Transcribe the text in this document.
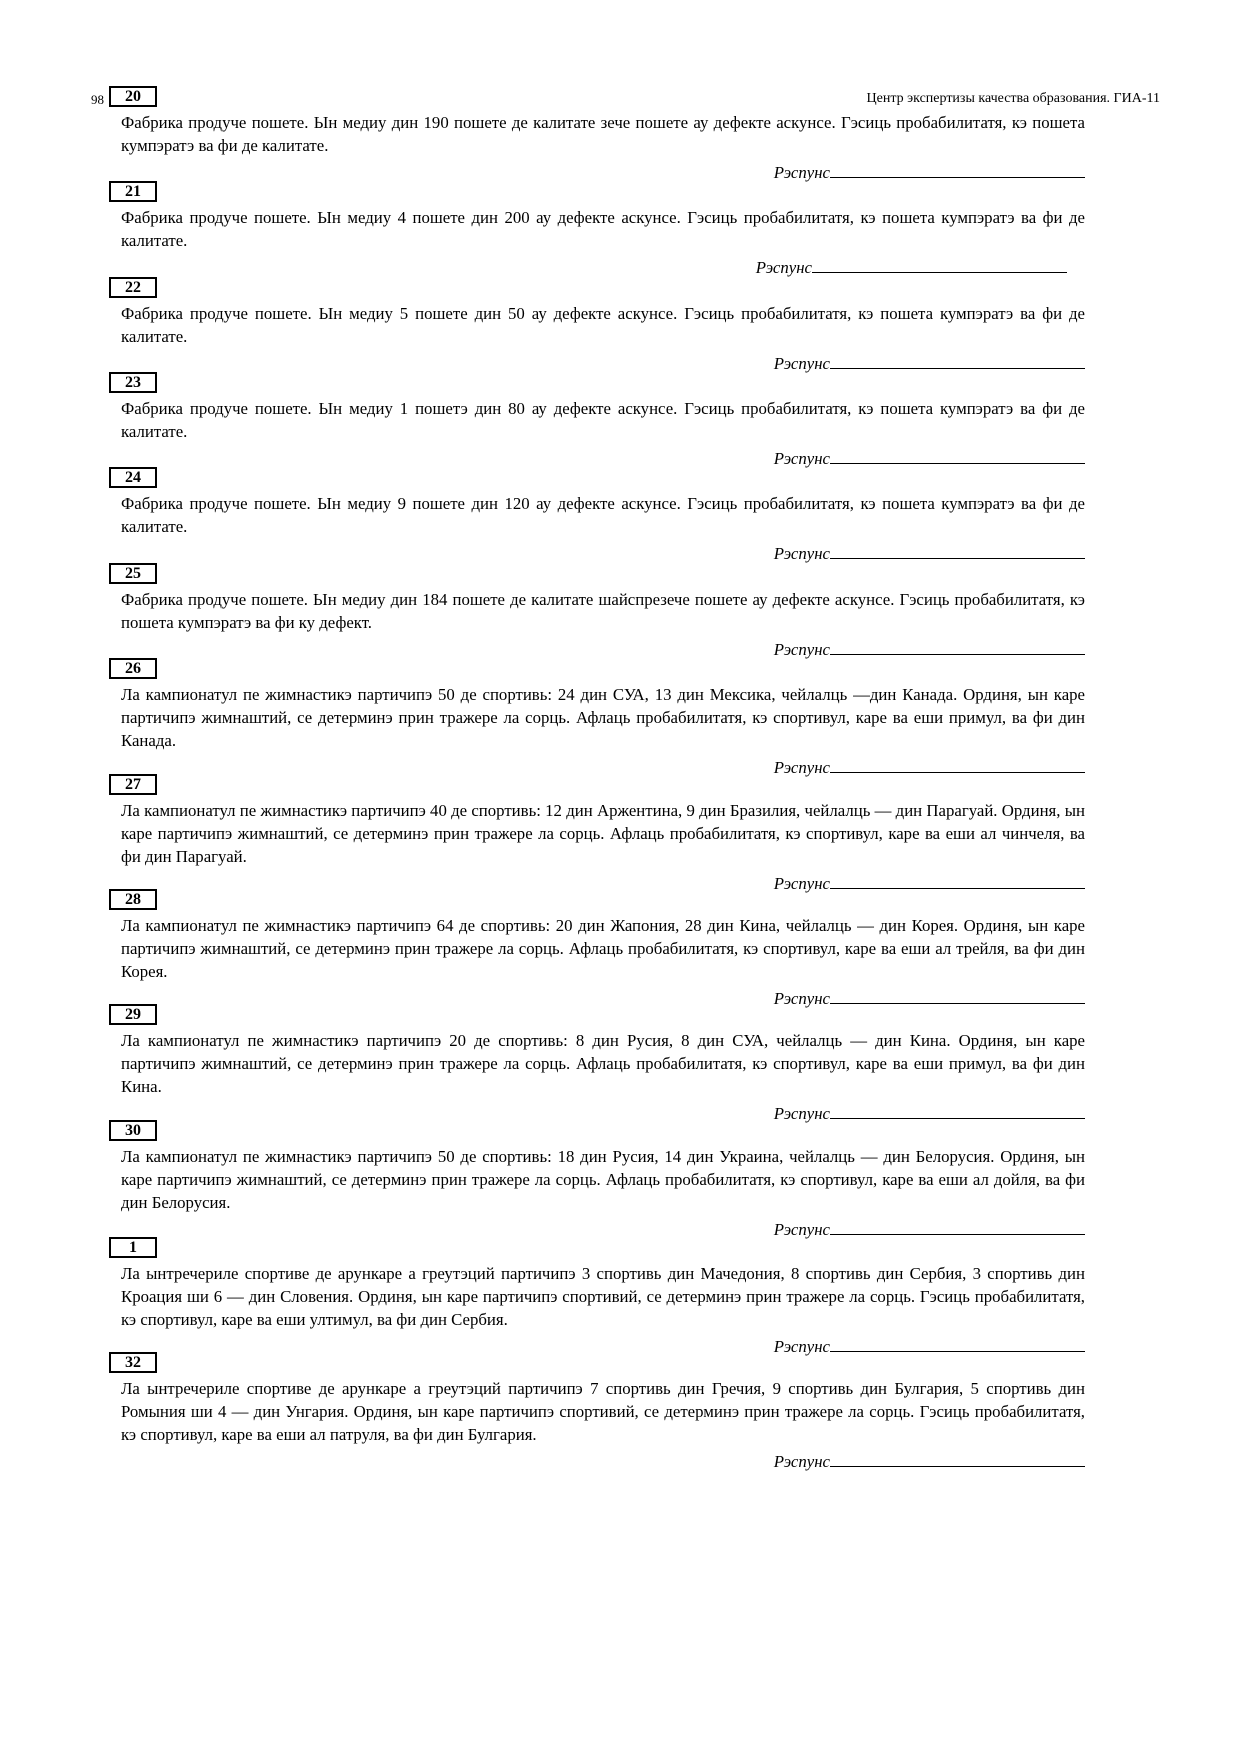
98	Центр экспертизы качества образования. ГИА-11
20
Фабрика продуче пошете. Ын медиу дин 190 пошете де калитате зече пошете ау дефекте аскунсе. Гэсиць пробабилитатя, кэ пошета кумпэратэ ва фи де калитате.
Рэспунс
21
Фабрика продуче пошете. Ын медиу 4 пошете дин 200 ау дефекте аскунсе. Гэсиць пробабилитатя, кэ пошета кумпэратэ ва фи де калитате.
Рэспунс
22
Фабрика продуче пошете. Ын медиу 5 пошете дин 50 ау дефекте аскунсе. Гэсиць пробабилитатя, кэ пошета кумпэратэ ва фи де калитате.
Рэспунс
23
Фабрика продуче пошете. Ын медиу 1 пошетэ дин 80 ау дефекте аскунсе. Гэсиць пробабилитатя, кэ пошета кумпэратэ ва фи де калитате.
Рэспунс
24
Фабрика продуче пошете. Ын медиу 9 пошете дин 120 ау дефекте аскунсе. Гэсиць пробабилитатя, кэ пошета кумпэратэ ва фи де калитате.
Рэспунс
25
Фабрика продуче пошете. Ын медиу дин 184 пошете де калитате шайспрезече пошете ау дефекте аскунсе. Гэсиць пробабилитатя, кэ пошета кумпэратэ ва фи ку дефект.
Рэспунс
26
Ла кампионатул пе жимнастикэ партичипэ 50 де спортивь: 24 дин СУА, 13 дин Мексика, чейлалць —дин Канада. Ординя, ын каре партичипэ жимнаштий, се детерминэ прин тражере ла сорць. Афлаць пробабилитатя, кэ спортивул, каре ва еши примул, ва фи дин Канада.
Рэспунс
27
Ла кампионатул пе жимнастикэ партичипэ 40 де спортивь: 12 дин Аржентина, 9 дин Бразилия, чейлалць — дин Парагуай. Ординя, ын каре партичипэ жимнаштий, се детерминэ прин тражере ла сорць. Афлаць пробабилитатя, кэ спортивул, каре ва еши ал чинчеля, ва фи дин Парагуай.
Рэспунс
28
Ла кампионатул пе жимнастикэ партичипэ 64 де спортивь: 20 дин Жапония, 28 дин Кина, чейлалць — дин Корея. Ординя, ын каре партичипэ жимнаштий, се детерминэ прин тражере ла сорць. Афлаць пробабилитатя, кэ спортивул, каре ва еши ал трейля, ва фи дин Корея.
Рэспунс
29
Ла кампионатул пе жимнастикэ партичипэ 20 де спортивь: 8 дин Русия, 8 дин СУА, чейлалць — дин Кина. Ординя, ын каре партичипэ жимнаштий, се детерминэ прин тражере ла сорць. Афлаць пробабилитатя, кэ спортивул, каре ва еши примул, ва фи дин Кина.
Рэспунс
30
Ла кампионатул пе жимнастикэ партичипэ 50 де спортивь: 18 дин Русия, 14 дин Украина, чейлалць — дин Белорусия. Ординя, ын каре партичипэ жимнаштий, се детерминэ прин тражере ла сорць. Афлаць пробабилитатя, кэ спортивул, каре ва еши ал дойля, ва фи дин Белорусия.
Рэспунс
1
Ла ынтречериле спортиве де арункаре а греутэций партичипэ 3 спортивь дин Мачедония, 8 спортивь дин Сербия, 3 спортивь дин Кроация ши 6 — дин Словения. Ординя, ын каре партичипэ спортивий, се детерминэ прин тражере ла сорць. Гэсиць пробабилитатя, кэ спортивул, каре ва еши ултимул, ва фи дин Сербия.
Рэспунс
32
Ла ынтречериле спортиве де арункаре а греутэций партичипэ 7 спортивь дин Гречия, 9 спортивь дин Булгария, 5 спортивь дин Ромыния ши 4 — дин Унгария. Ординя, ын каре партичипэ спортивий, се детерминэ прин тражере ла сорць. Гэсиць пробабилитатя, кэ спортивул, каре ва еши ал патруля, ва фи дин Булгария.
Рэспунс
